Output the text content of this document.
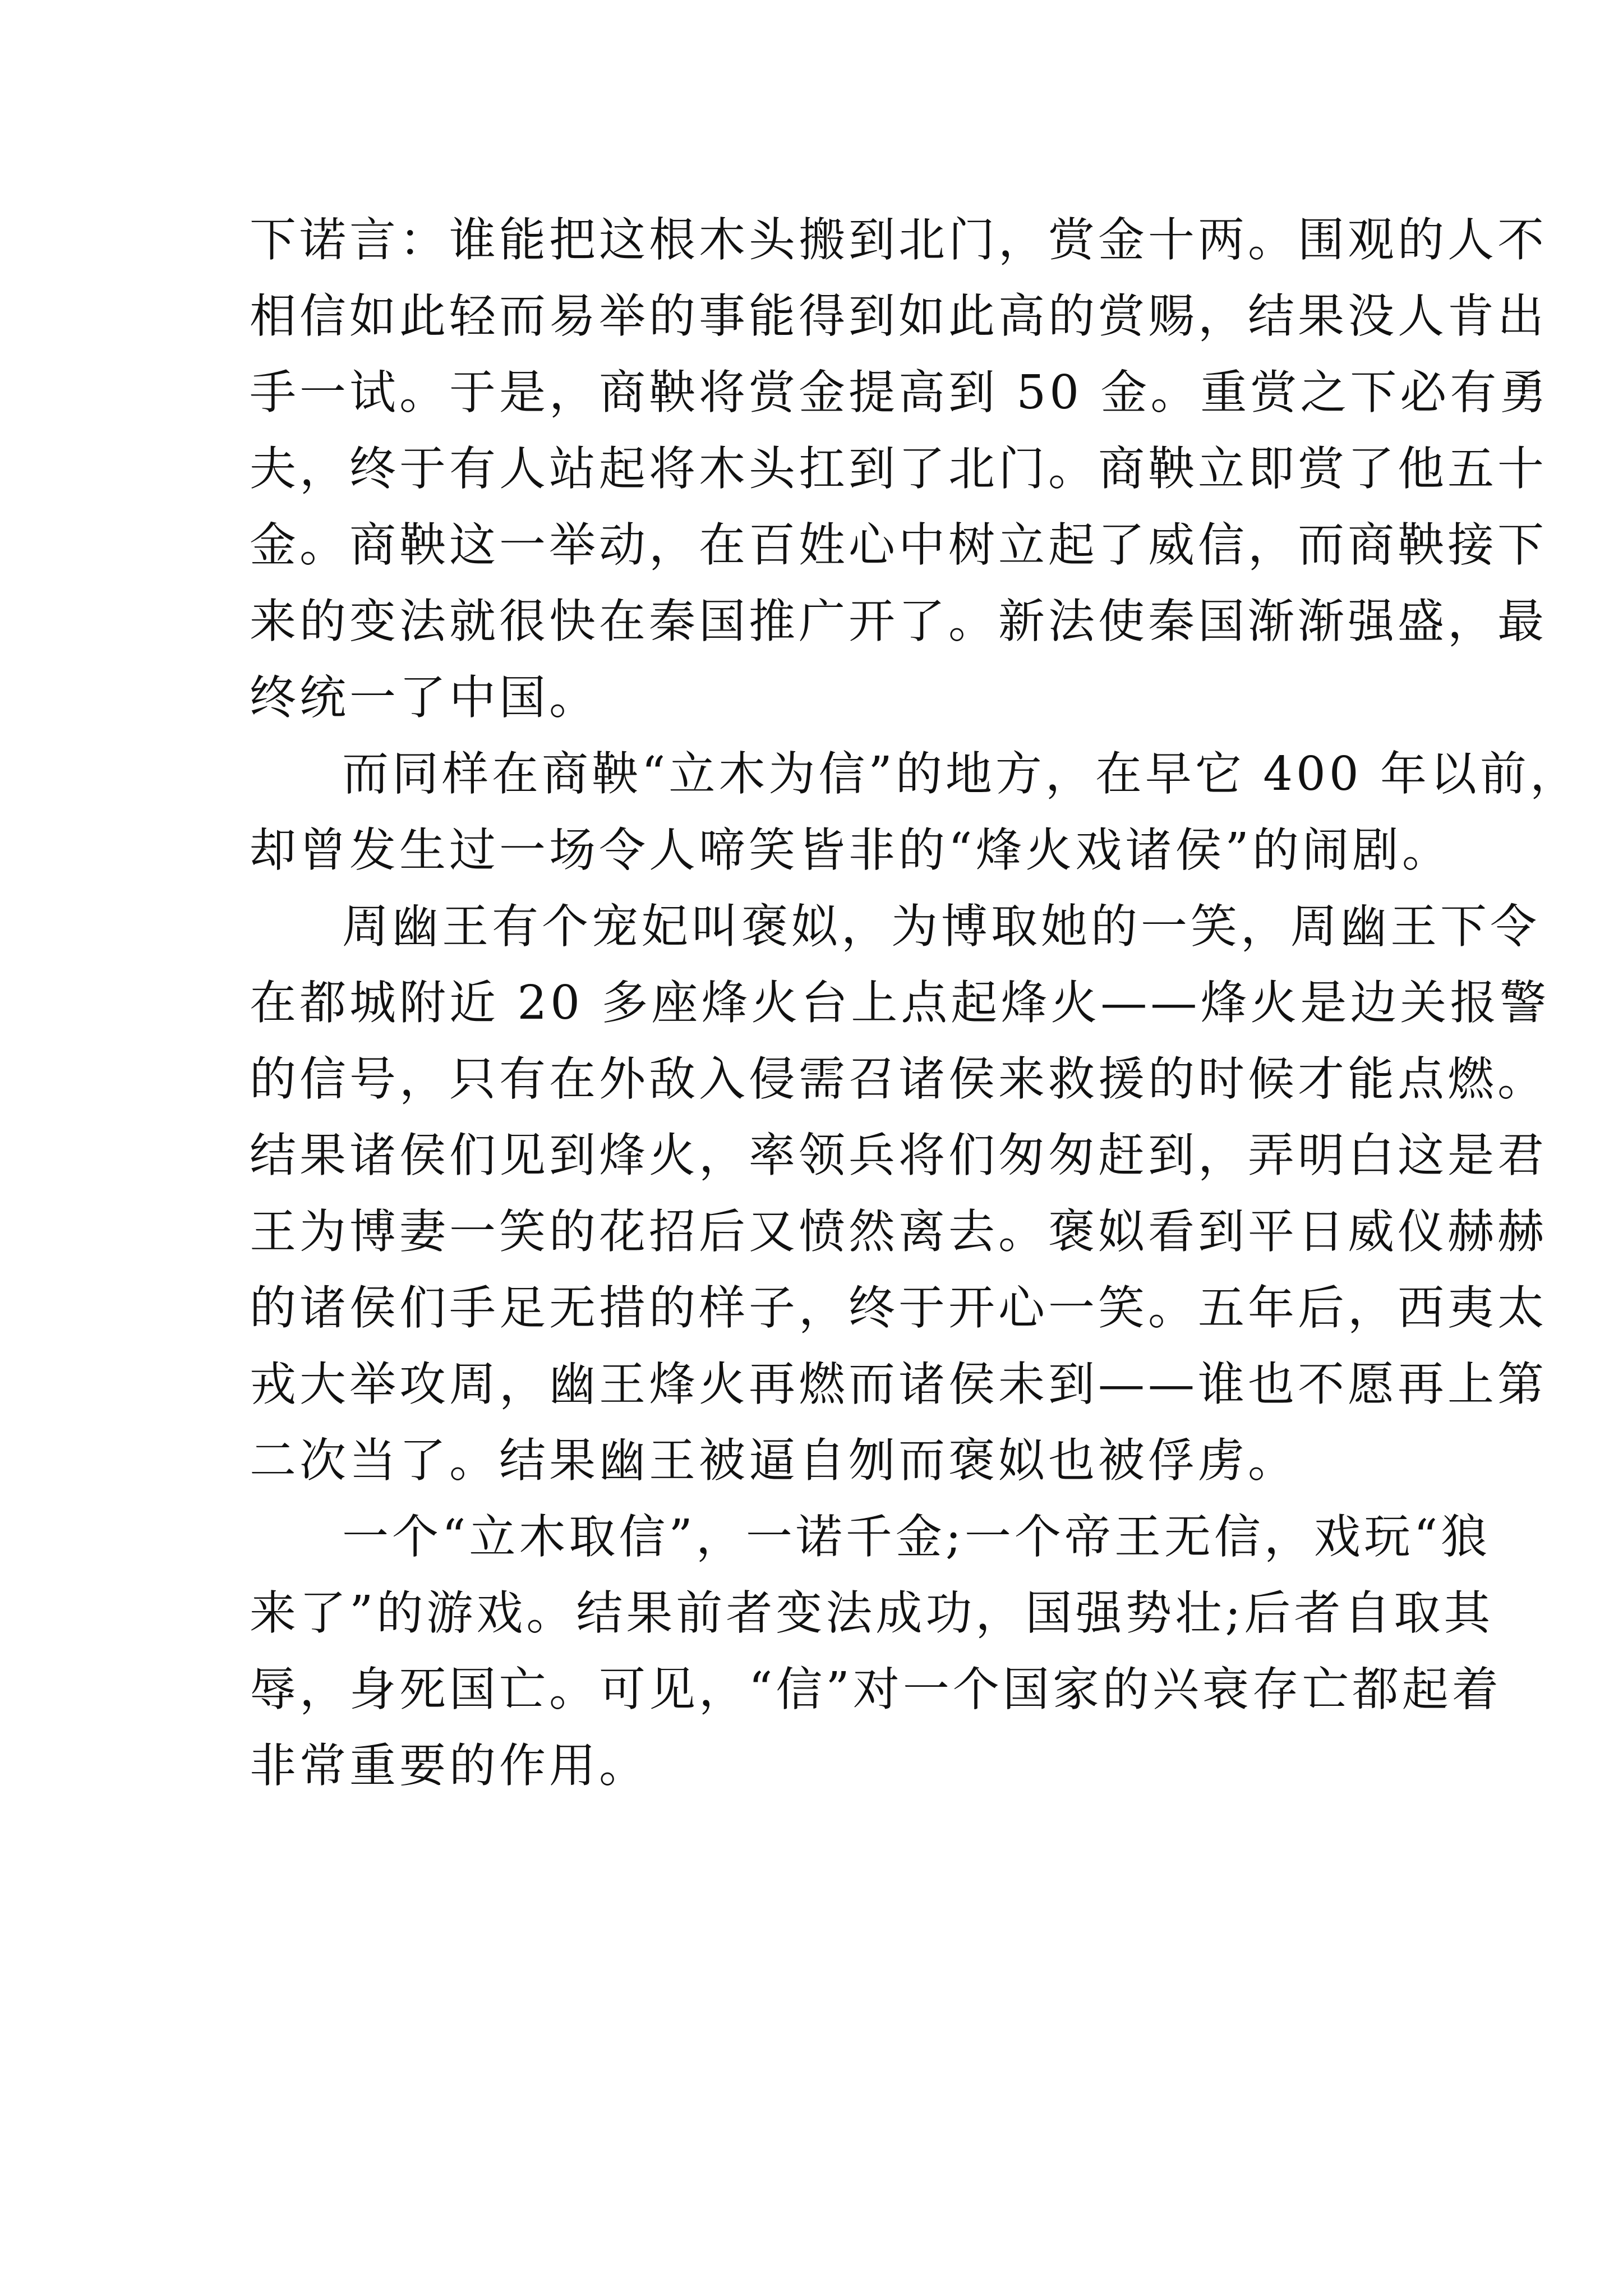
下诺言：谁能把这根木头搬到北门，赏金十两。围观的人不
相信如此轻而易举的事能得到如此高的赏赐，结果没人肯出
手一试。于是，商鞅将赏金提高到 50 金。重赏之下必有勇
夫，终于有人站起将木头扛到了北门。商鞅立即赏了他五十
金。商鞅这一举动，在百姓心中树立起了威信，而商鞅接下
来的变法就很快在秦国推广开了。新法使秦国渐渐强盛，最
终统一了中国。
而同样在商鞅“立木为信”的地方，在早它 400 年以前，
却曾发生过一场令人啼笑皆非的“烽火戏诸侯”的闹剧。
周幽王有个宠妃叫褒姒，为博取她的一笑，周幽王下令
在都城附近 20 多座烽火台上点起烽火——烽火是边关报警
的信号，只有在外敌入侵需召诸侯来救援的时候才能点燃。
结果诸侯们见到烽火，率领兵将们匆匆赶到，弄明白这是君
王为博妻一笑的花招后又愤然离去。褒姒看到平日威仪赫赫
的诸侯们手足无措的样子，终于开心一笑。五年后，西夷太
戎大举攻周，幽王烽火再燃而诸侯未到——谁也不愿再上第
二次当了。结果幽王被逼自刎而褒姒也被俘虏。
一个“立木取信”，一诺千金;一个帝王无信，戏玩“狼
来了”的游戏。结果前者变法成功，国强势壮;后者自取其
辱，身死国亡。可见，“信”对一个国家的兴衰存亡都起着
非常重要的作用。
